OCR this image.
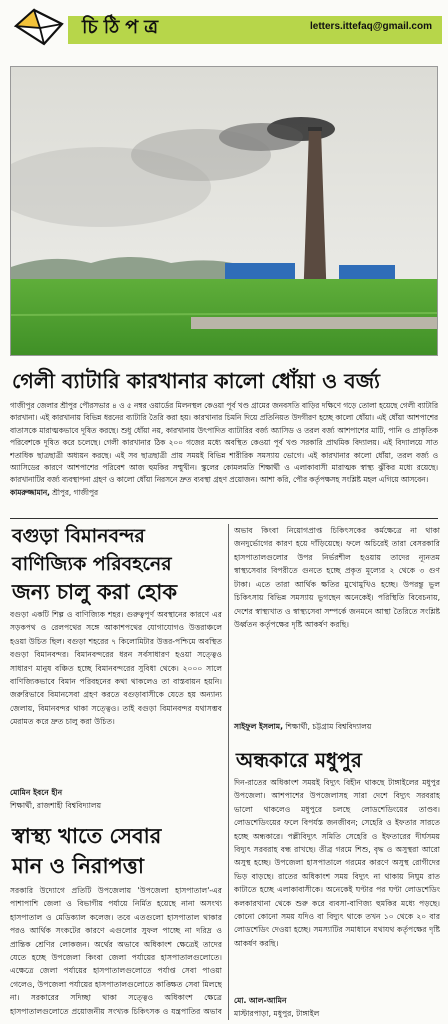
চিঠিপত্র	letters.ittefaq@gmail.com
গেলী ব্যাটারি কারখানার কালো ধোঁয়া ও বর্জ্য
গাজীপুর জেলার শ্রীপুর পৌরসভার ৪ ও ৫ নম্বর ওয়ার্ডের মিলনস্থল কেওয়া পূর্ব খণ্ড গ্রামের জনবসতি বাড়ির দক্ষিণে গড়ে তোলা হয়েছে গেলী ব্যাটারি কারখানা। এই কারখানায় বিভিন্ন ধরনের ব্যাটারি তৈরি করা হয়। কারখানার চিমনি দিয়ে প্রতিনিয়ত উদগীরণ হচ্ছে কালো ধোঁয়া। এই ধোঁয়া আশপাশের বাতাসকে মারাত্মকভাবে দূষিত করছে। শুধু ধোঁয়া নয়, কারখানায় উৎপাদিত ব্যাটারির বর্জ্য অ্যাসিড ও তরল বর্জ্য আশপাশের মাটি, পানি ও প্রাকৃতিক পরিবেশকে দূষিত করে চলেছে। গেলী কারখানার ঠিক ২০০ গজের মধ্যে অবস্থিত কেওয়া পূর্ব খণ্ড সরকারি প্রাথমিক বিদ্যালয়। এই বিদ্যালয়ে সাত শতাধিক ছাত্রছাত্রী অধ্যয়ন করছে। এই সব ছাত্রছাত্রী প্রায় সময়ই বিভিন্ন শারীরিক সমস্যায় ভোগে। এই কারখানার কালো ধোঁয়া, তরল বর্জ্য ও অ্যাসিডের কারণে আশপাশের পরিবেশ আজ হুমকির সম্মুখীন। স্কুলের কোমলমতি শিক্ষার্থী ও এলাকাবাসী মারাত্মক স্বাস্থ্য ঝুঁকির মধ্যে রয়েছে। কারখানাটির বর্জ্য ব্যবস্থাপনা গ্রহণ ও কালো ধোঁয়া নিরসনে দ্রুত ব্যবস্থা গ্রহণ প্রয়োজন। আশা করি, পৌর কর্তৃপক্ষসহ সংশ্লিষ্ট মহল এগিয়ে আসবেন।
কামরুজ্জামান, শ্রীপুর, গাজীপুর
বগুড়া বিমানবন্দর
বাণিজ্যিক পরিবহনের
জন্য চালু করা হোক
বগুড়া একটি শিল্প ও বাণিজ্যিক শহর। গুরুত্বপূর্ণ অবস্থানের কারণে এর সড়কপথ ও রেলপথের সঙ্গে আকাশপথের যোগাযোগও উত্তরাঞ্চলে হওয়া উচিত ছিল। বগুড়া শহরের ৭ কিলোমিটার উত্তর-পশ্চিমে অবস্থিত বগুড়া বিমানবন্দর। বিমানবন্দরের ধরন সর্বসাধারণ হওয়া সত্ত্বেও সাধারণ মানুষ বঞ্চিত হচ্ছে বিমানবন্দরের সুবিধা থেকে। ২০০০ সালে বাণিজ্যিকভাবে বিমান পরিবহনের কথা থাকলেও তা বাস্তবায়ন হয়নি। জরুরিভাবে বিমানসেবা গ্রহণ করতে বগুড়াবাসীকে যেতে হয় অন্যান্য জেলায়, বিমানবন্দর থাকা সত্ত্বেও। তাই বগুড়া বিমানবন্দর যথাসম্ভব মেরামত করে দ্রুত চালু করা উচিত।
মোমিন ইবনে হীন
শিক্ষার্থী, রাজশাহী বিশ্ববিদ্যালয়
স্বাস্থ্য খাতে সেবার
মান ও নিরাপত্তা
সরকারি উদ্যোগে প্রতিটি উপজেলায় 'উপজেলা হাসপাতাল'-এর পাশাপাশি জেলা ও বিভাগীয় পর্যায়ে নির্মিত হয়েছে নানা অসংখ্য হাসপাতাল ও মেডিক্যাল কলেজ। তবে এতগুলো হাসপাতাল থাকার পরও আর্থিক সংকটের কারণে এগুলোর সুফল পাচ্ছে না দরিদ্র ও প্রান্তিক শ্রেণির লোকজন। অর্থের অভাবে অধিকাংশ ক্ষেত্রেই তাদের যেতে হচ্ছে উপজেলা কিংবা জেলা পর্যায়ের হাসপাতালগুলোতে। এক্ষেত্রে জেলা পর্যায়ের হাসপাতালগুলোতে পর্যাপ্ত সেবা পাওয়া গেলেও, উপজেলা পর্যায়ের হাসপাতালগুলোতে কাঙ্ক্ষিত সেবা মিলছে না। সরকারের সদিচ্ছা থাকা সত্ত্বেও অধিকাংশ ক্ষেত্রে হাসপাতালগুলোতে প্রয়োজনীয় সংখ্যক চিকিৎসক ও যন্ত্রপাতির অভাব
অভাব কিংবা নিয়োগপ্রাপ্ত চিকিৎসকের কর্মক্ষেত্রে না থাকা জনদুর্ভোগের কারণ হয়ে দাঁড়িয়েছে। ফলে অচিরেই তারা বেসরকারি হাসপাতালগুলোর উপর নির্ভরশীল হওয়ায় তাদের ন্যূনতম স্বাস্থ্যসেবার বিপরীতে গুনতে হচ্ছে প্রকৃত মূল্যের ২ থেকে ৩ গুণ টাকা। এতে তারা আর্থিক ক্ষতির মুখোমুখিও হচ্ছে। উপরন্তু ভুল চিকিৎসায় বিভিন্ন সমস্যায় ভুগছেন অনেকেই। পরিস্থিতি বিবেচনায়, দেশের স্বাস্থ্যখাত ও স্বাস্থ্যসেবা সম্পর্কে জনমনে আস্থা তৈরিতে সংশ্লিষ্ট উর্ধ্বতন কর্তৃপক্ষের দৃষ্টি আকর্ষণ করছি।
সাইফুল ইসলাম, শিক্ষার্থী, চট্টগ্রাম বিশ্ববিদ্যালয়
অন্ধকারে মধুপুর
দিন-রাতের অধিকাংশ সময়ই বিদ্যুৎ বিহীন থাকছে টাঙ্গাইলের মধুপুর উপজেলা। আশপাশের উপজেলাসহ সারা দেশে বিদ্যুৎ সরবরাহ ভালো থাকলেও মধুপুরে চলছে লোডশেডিংয়ের তাণ্ডব। লোডশেডিংয়ের ফলে বিপর্যস্ত জনজীবন; সেহেরি ও ইফতার সারতে হচ্ছে অন্ধকারে। পল্লীবিদ্যুৎ সমিতি সেহেরি ও ইফতারের দীর্ঘসময় বিদ্যুৎ সরবরাহ বন্ধ রাখছে। তীব্র গরমে শিশু, বৃদ্ধ ও অসুস্থরা আরো অসুস্থ হচ্ছে। উপজেলা হাসপাতালে গরমের কারণে অসুস্থ রোগীদের ভিড় বাড়ছে। রাতের অধিকাংশ সময় বিদ্যুৎ না থাকায় নিঘুম রাত কাটাতে হচ্ছে এলাকাবাসীকে। অনেকেই ঘণ্টার পর ঘণ্টা লোডশেডিং কলকারখানা থেকে শুরু করে ব্যবসা-বাণিজ্য হুমকির মধ্যে পড়ছে। কোনো কোনো সময় যদিও বা বিদ্যুৎ থাকে তখন ১০ থেকে ২০ বার লোডশেডিং দেওয়া হচ্ছে। সমস্যাটির সমাধানে যথাযথ কর্তৃপক্ষের দৃষ্টি আকর্ষণ করছি।
মো. আল-আমিন
মাস্টারপাড়া, মধুপুর, টাঙ্গাইল
